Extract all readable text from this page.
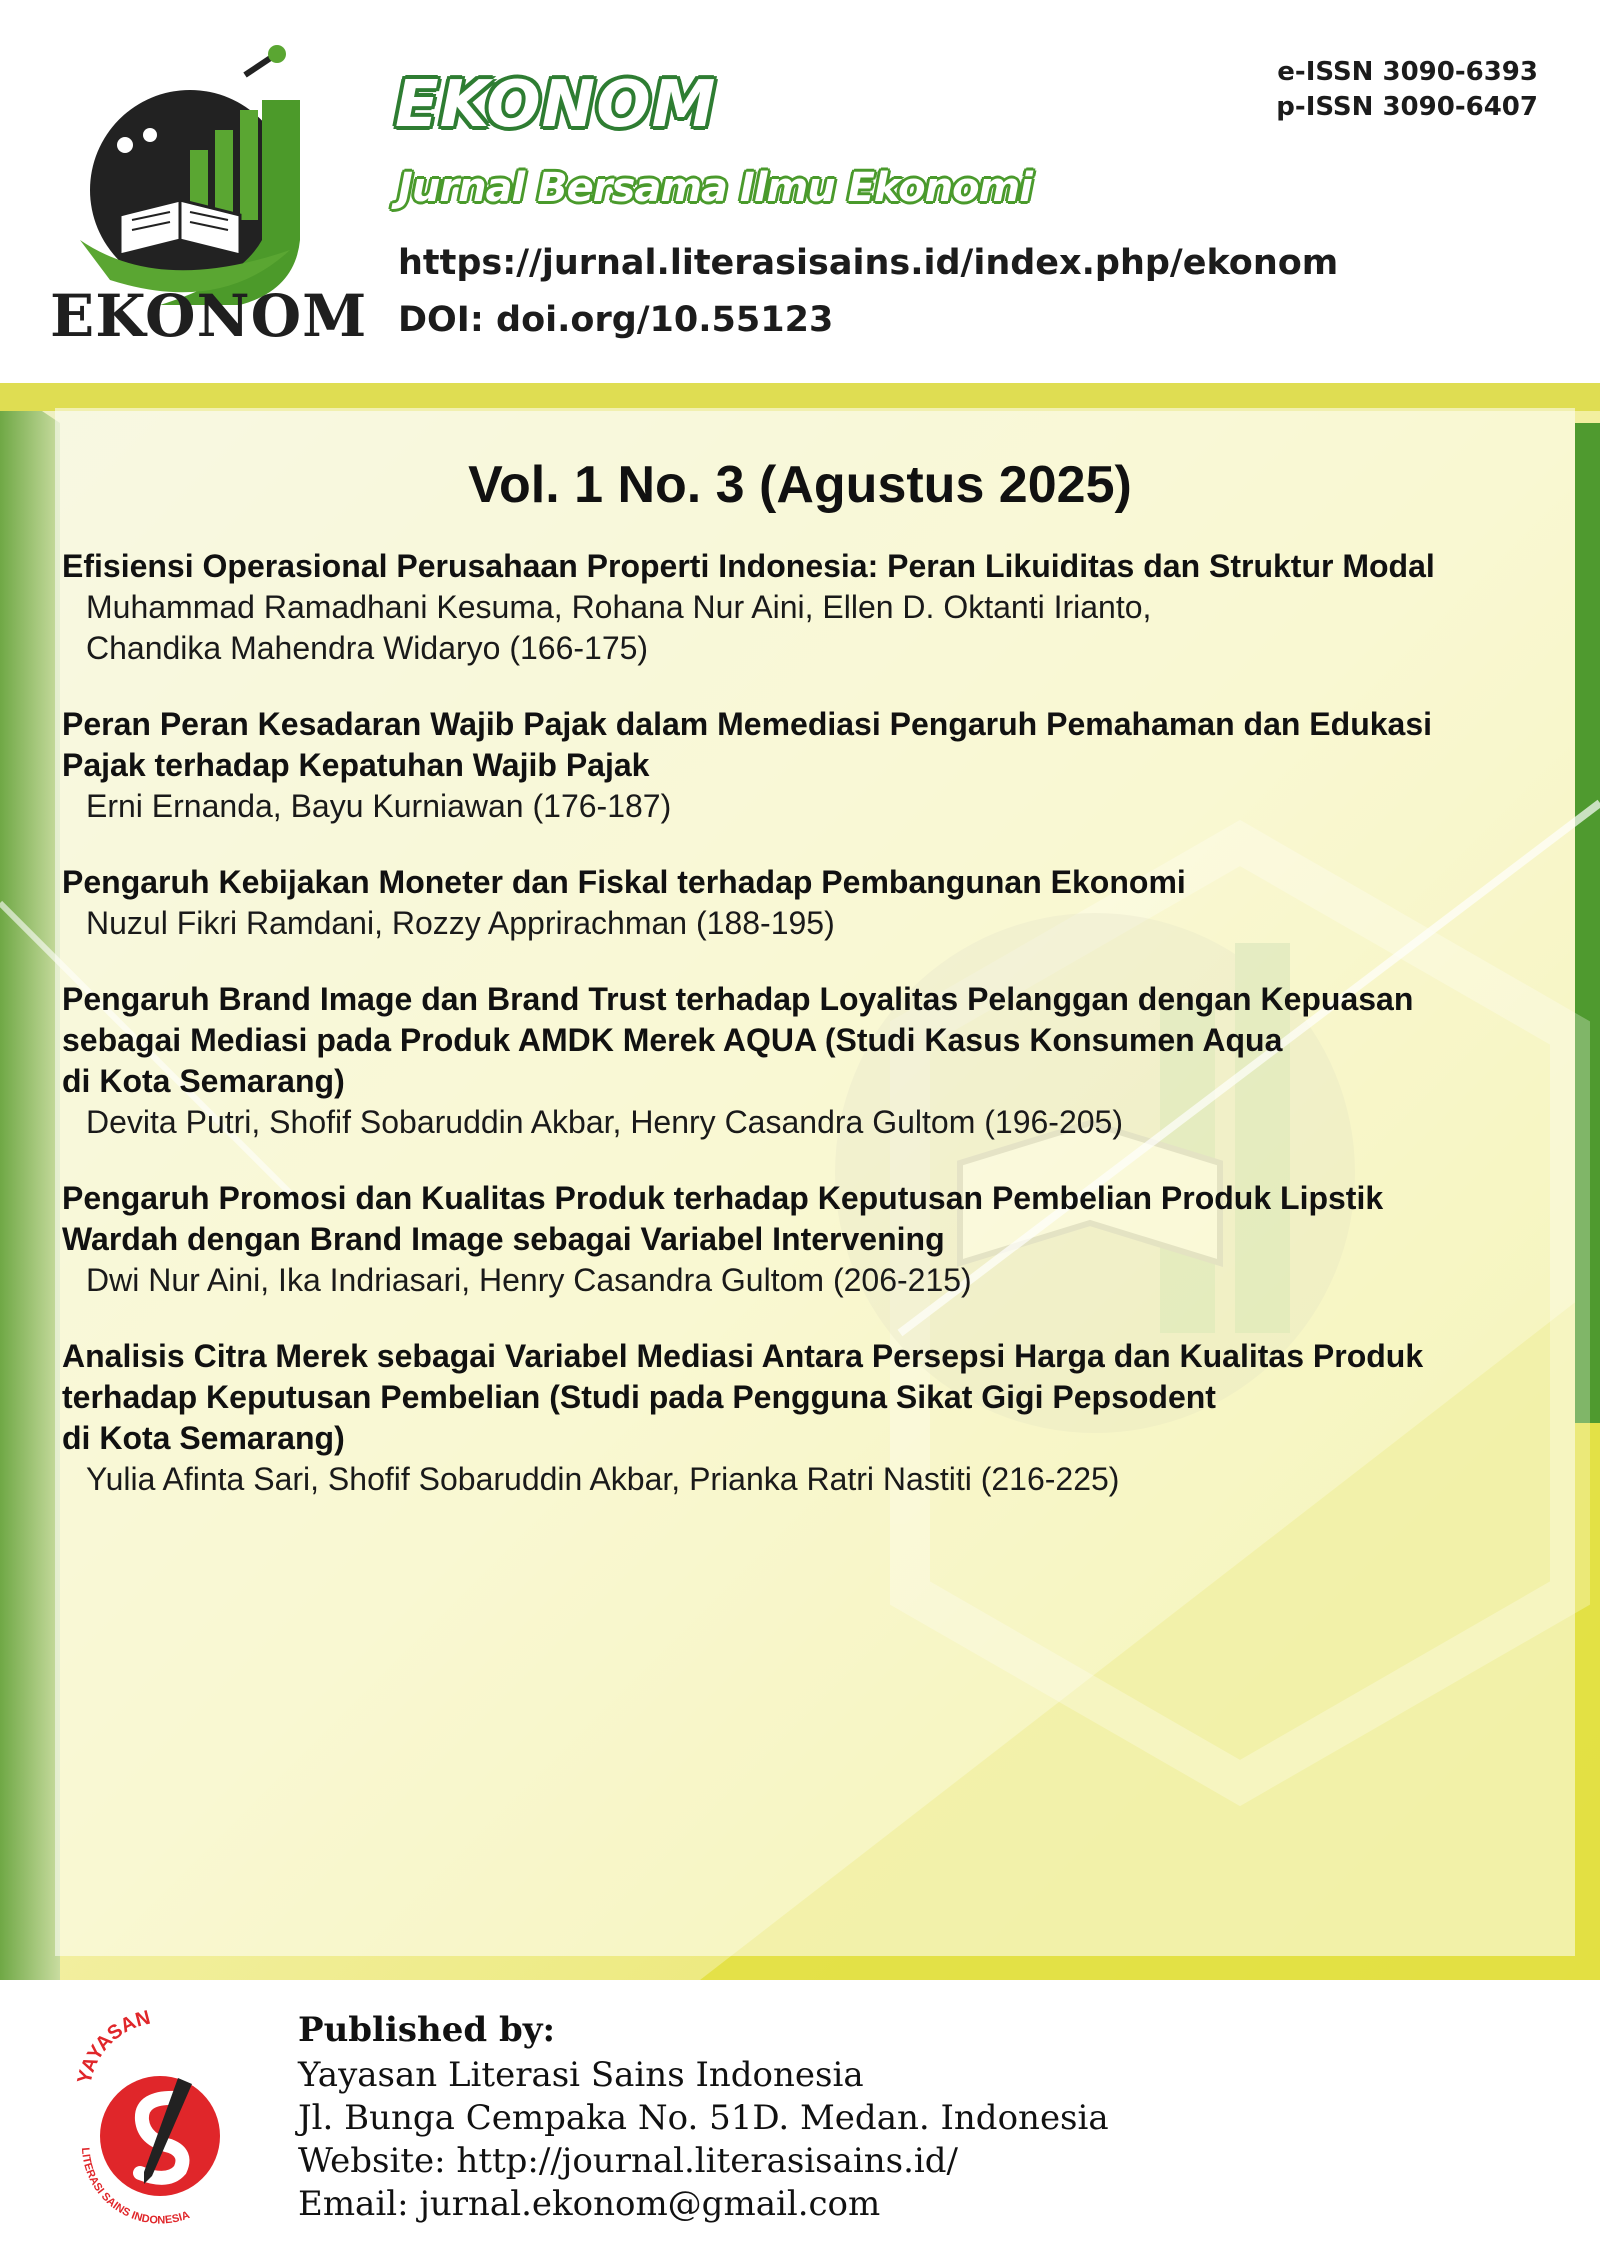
EKONOM
EKONOM
Jurnal Bersama Ilmu Ekonomi
https://jurnal.literasisains.id/index.php/ekonom
DOI: doi.org/10.55123
e-ISSN 3090-6393
p-ISSN 3090-6407
Vol. 1 No. 3 (Agustus 2025)
Efisiensi Operasional Perusahaan Properti Indonesia: Peran Likuiditas dan Struktur Modal
Muhammad Ramadhani Kesuma, Rohana Nur Aini, Ellen D. Oktanti Irianto,
Chandika Mahendra Widaryo (166-175)
Peran Peran Kesadaran Wajib Pajak dalam Memediasi Pengaruh Pemahaman dan Edukasi
Pajak terhadap Kepatuhan Wajib Pajak
Erni Ernanda, Bayu Kurniawan (176-187)
Pengaruh Kebijakan Moneter dan Fiskal terhadap Pembangunan Ekonomi
Nuzul Fikri Ramdani, Rozzy Apprirachman (188-195)
Pengaruh Brand Image dan Brand Trust terhadap Loyalitas Pelanggan dengan Kepuasan
sebagai Mediasi pada Produk AMDK Merek AQUA (Studi Kasus Konsumen Aqua
di Kota Semarang)
Devita Putri, Shofif Sobaruddin Akbar, Henry Casandra Gultom (196-205)
Pengaruh Promosi dan Kualitas Produk terhadap Keputusan Pembelian Produk Lipstik
Wardah dengan Brand Image sebagai Variabel Intervening
Dwi Nur Aini, Ika Indriasari, Henry Casandra Gultom (206-215)
Analisis Citra Merek sebagai Variabel Mediasi Antara Persepsi Harga dan Kualitas Produk
terhadap Keputusan Pembelian (Studi pada Pengguna Sikat Gigi Pepsodent
di Kota Semarang)
Yulia Afinta Sari, Shofif Sobaruddin Akbar, Prianka Ratri Nastiti (216-225)
YAYASAN
LITERASI SAINS INDONESIA
Published by:
Yayasan Literasi Sains Indonesia
Jl. Bunga Cempaka No. 51D. Medan. Indonesia
Website: http://journal.literasisains.id/
Email: jurnal.ekonom@gmail.com
